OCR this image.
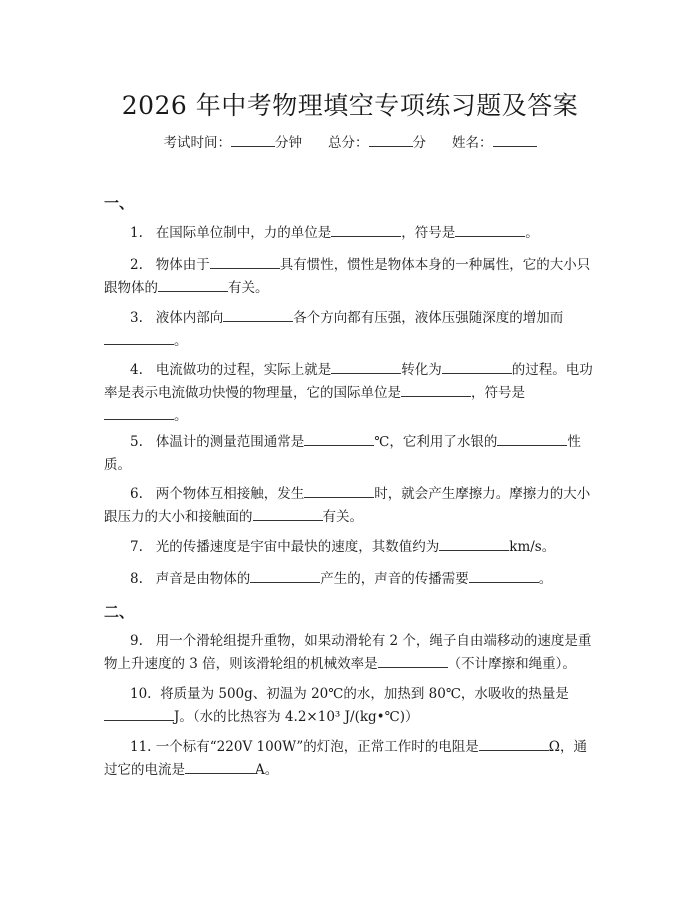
2026 年中考物理填空专项练习题及答案
考试时间：	分钟 总分：	分 姓名：
一、
1. 在国际单位制中，力的单位是	，符号是	。
2. 物体由于	具有惯性，惯性是物体本身的一种属性，它的大小只
跟物体的	有关。
3. 液体内部向	各个方向都有压强，液体压强随深度的增加而
。
4. 电流做功的过程，实际上就是	转化为	的过程。电功
率是表示电流做功快慢的物理量，它的国际单位是	，符号是
。
5. 体温计的测量范围通常是	℃，它利用了水银的	性
质。
6. 两个物体互相接触，发生	时，就会产生摩擦力。摩擦力的大小
跟压力的大小和接触面的	有关。
7. 光的传播速度是宇宙中最快的速度，其数值约为	km/s。
8. 声音是由物体的	产生的，声音的传播需要	。
二、
9. 用一个滑轮组提升重物，如果动滑轮有 2 个，绳子自由端移动的速度是重
物上升速度的 3 倍，则该滑轮组的机械效率是	（不计摩擦和绳重）。
10. 将质量为 500g、初温为 20℃的水，加热到 80℃，水吸收的热量是
J。（水的比热容为 4.2×10³ J/(kg•℃)）
11. 一个标有“220V 100W”的灯泡，正常工作时的电阻是	Ω，通
过它的电流是	A。
